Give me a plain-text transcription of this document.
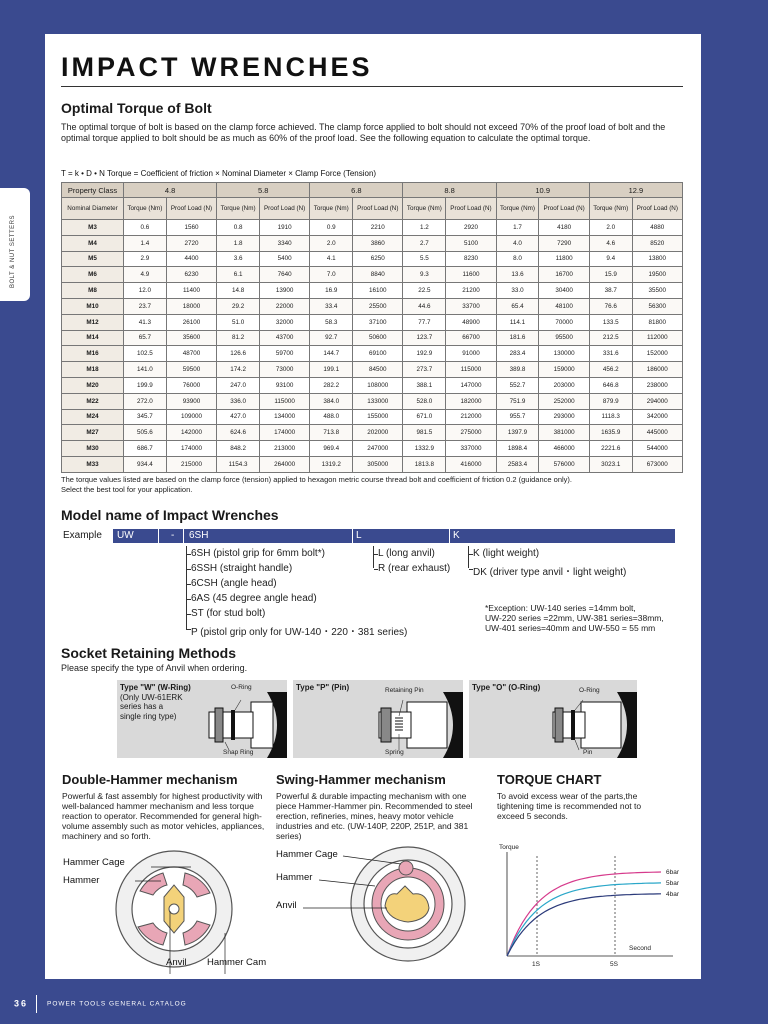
BOLT & NUT SETTERS
IMPACT WRENCHES
Optimal Torque of Bolt
The optimal torque of bolt is based on the clamp force achieved. The clamp force applied to bolt should not exceed 70% of the proof load of bolt and the optimal torque applied to bolt should be as much as 60% of the proof load. See the following equation to calculate the optimal torque.
T = k • D • N Torque = Coefficient of friction × Nominal Diameter × Clamp Force (Tension)
Property Class	4.8		5.8		6.8		8.8		10.9		12.9	
Nominal Diameter	Torque (Nm)	Proof Load (N)	Torque (Nm)	Proof Load (N)	Torque (Nm)	Proof Load (N)	Torque (Nm)	Proof Load (N)	Torque (Nm)	Proof Load (N)	Torque (Nm)	Proof Load (N)
M3	0.6	1560	0.8	1910	0.9	2210	1.2	2920	1.7	4180	2.0	4880
M4	1.4	2720	1.8	3340	2.0	3860	2.7	5100	4.0	7290	4.6	8520
M5	2.9	4400	3.6	5400	4.1	6250	5.5	8230	8.0	11800	9.4	13800
M6	4.9	6230	6.1	7640	7.0	8840	9.3	11600	13.6	16700	15.9	19500
M8	12.0	11400	14.8	13900	16.9	16100	22.5	21200	33.0	30400	38.7	35500
M10	23.7	18000	29.2	22000	33.4	25500	44.6	33700	65.4	48100	76.6	56300
M12	41.3	26100	51.0	32000	58.3	37100	77.7	48900	114.1	70000	133.5	81800
M14	65.7	35600	81.2	43700	92.7	50600	123.7	66700	181.6	95500	212.5	112000
M16	102.5	48700	126.6	59700	144.7	69100	192.9	91000	283.4	130000	331.6	152000
M18	141.0	59500	174.2	73000	199.1	84500	273.7	115000	389.8	159000	456.2	186000
M20	199.9	76000	247.0	93100	282.2	108000	388.1	147000	552.7	203000	646.8	238000
M22	272.0	93900	336.0	115000	384.0	133000	528.0	182000	751.9	252000	879.9	294000
M24	345.7	109000	427.0	134000	488.0	155000	671.0	212000	955.7	293000	1118.3	342000
M27	505.6	142000	624.6	174000	713.8	202000	981.5	275000	1397.9	381000	1635.9	445000
M30	686.7	174000	848.2	213000	969.4	247000	1332.9	337000	1898.4	466000	2221.6	544000
M33	934.4	215000	1154.3	264000	1319.2	305000	1813.8	416000	2583.4	576000	3023.1	673000
The torque values listed are based on the clamp force (tension) applied to hexagon metric course thread bolt and coefficient of friction 0.2 (guidance only).
Select the best tool for your application.
Model name of Impact Wrenches
Example UW	- 6SH	L	K
6SH (pistol grip for 6mm bolt*)
6SSH (straight handle)
6CSH (angle head)
6AS (45 degree angle head)
ST (for stud bolt)
P (pistol grip only for UW-140・220・381 series)
L (long anvil)
R (rear exhaust)
K (light weight)
DK (driver type anvil・light weight)
*Exception: UW-140 series =14mm bolt,
UW-220 series =22mm, UW-381 series=38mm,
UW-401 series=40mm and UW-550 = 55 mm
Socket Retaining Methods
Please specify the type of Anvil when ordering.
Type "W" (W-Ring)
(Only UW-61ERK
series has a
single ring type)
O-Ring
Snap Ring
Type "P" (Pin)	Retaining Pin
Spring
Type "O" (O-Ring)	O-Ring
Pin
Double-Hammer mechanism
Powerful & fast assembly for highest productivity with well-balanced hammer mechanism and less torque reaction to operator. Recommended for general high-volume assembly such as motor vehicles, appliances, machinery and so forth.
Hammer Cage
Hammer
Anvil Hammer Cam
Swing-Hammer mechanism
Powerful & durable impacting mechanism with one piece Hammer-Hammer pin. Recommended to steel erection, refineries, mines, heavy motor vehicle industries and etc. (UW-140P, 220P, 251P, and 381 series)
Hammer Cage
Hammer
Anvil
TORQUE CHART
To avoid excess wear of the parts,the tightening time is recommended not to exceed 5 seconds.
Torque
Second
1S	5S
6bar
5bar
4bar
36	POWER TOOLS GENERAL CATALOG
